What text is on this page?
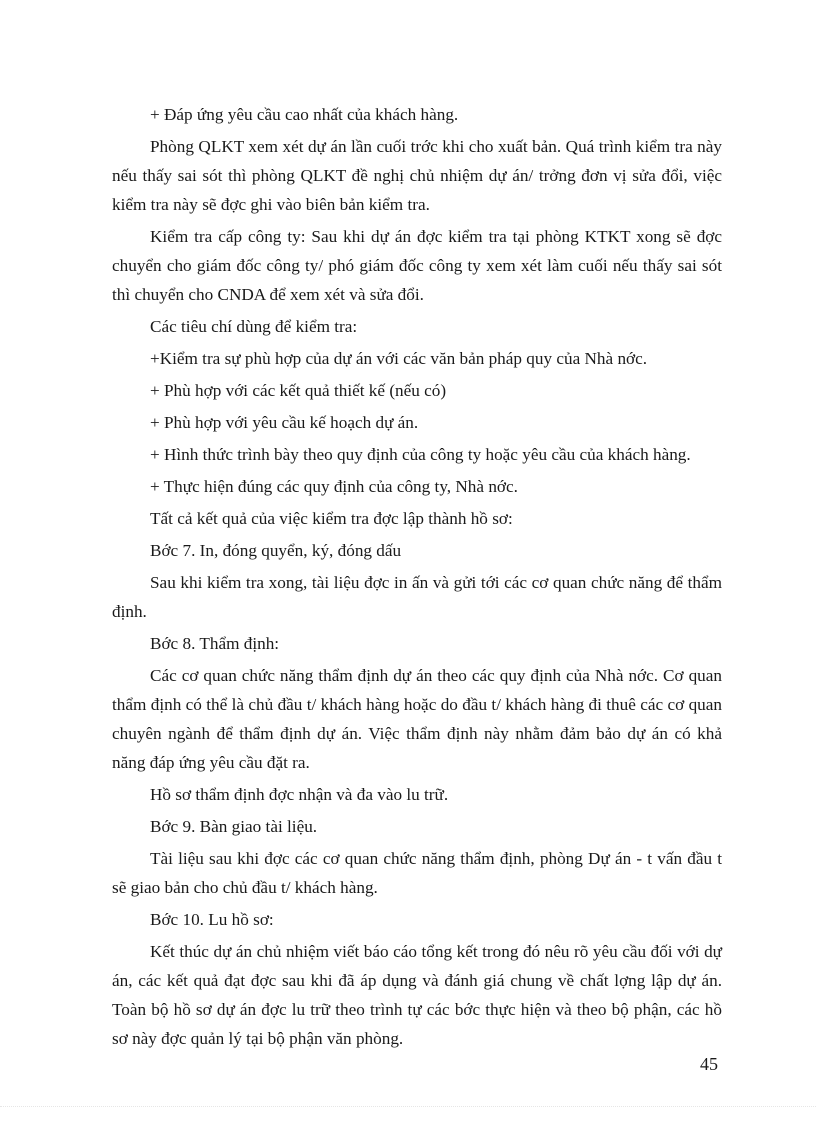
+ Đáp ứng yêu cầu cao nhất của khách hàng.

Phòng QLKT xem xét dự án lần cuối trớc khi cho xuất bản. Quá trình kiểm tra này nếu thấy sai sót thì phòng QLKT đề nghị chủ nhiệm dự án/ trởng đơn vị sửa đổi, việc kiểm tra này sẽ đợc ghi vào biên bản kiểm tra.

Kiểm tra cấp công ty: Sau khi dự án đợc kiểm tra tại phòng KTKT xong sẽ đợc chuyển cho giám đốc công ty/ phó giám đốc công ty xem xét làm cuối nếu thấy sai sót thì chuyển cho CNDA để xem xét và sửa đổi.

Các tiêu chí dùng để kiểm tra:

+Kiểm tra sự phù hợp của dự án với các văn bản pháp quy của Nhà nớc.

+ Phù hợp với các kết quả thiết kế (nếu có)

+ Phù hợp với yêu cầu kế hoạch dự án.

+ Hình thức trình bày theo quy định của công ty hoặc yêu cầu của khách hàng.

+ Thực hiện đúng các quy định của công ty, Nhà nớc.

Tất cả kết quả của việc kiểm tra đợc lập thành hồ sơ:

Bớc 7. In, đóng quyển, ký, đóng dấu

Sau khi kiểm tra xong, tài liệu đợc in ấn và gửi tới các cơ quan chức năng để thẩm định.

Bớc 8. Thẩm định:

Các cơ quan chức năng thẩm định dự án theo các quy định của Nhà nớc. Cơ quan thẩm định có thể là chủ đầu t/ khách hàng hoặc do đầu t/ khách hàng đi thuê các cơ quan chuyên ngành để thẩm định dự án. Việc thẩm định này nhằm đảm bảo dự án có khả năng đáp ứng yêu cầu đặt ra.

Hồ sơ thẩm định đợc nhận và đa vào lu trữ.

Bớc 9. Bàn giao tài liệu.

Tài liệu sau khi đợc các cơ quan chức năng thẩm định, phòng Dự án - t vấn đầu t sẽ giao bản cho chủ đầu t/ khách hàng.

Bớc 10. Lu hồ sơ:

Kết thúc dự án chủ nhiệm viết báo cáo tổng kết trong đó nêu rõ yêu cầu đối với dự án, các kết quả đạt đợc sau khi đã áp dụng và đánh giá chung về chất lợng lập dự án. Toàn bộ hồ sơ dự án đợc lu trữ theo trình tự các bớc thực hiện và theo bộ phận, các hồ sơ này đợc quản lý tại bộ phận văn phòng.

45
